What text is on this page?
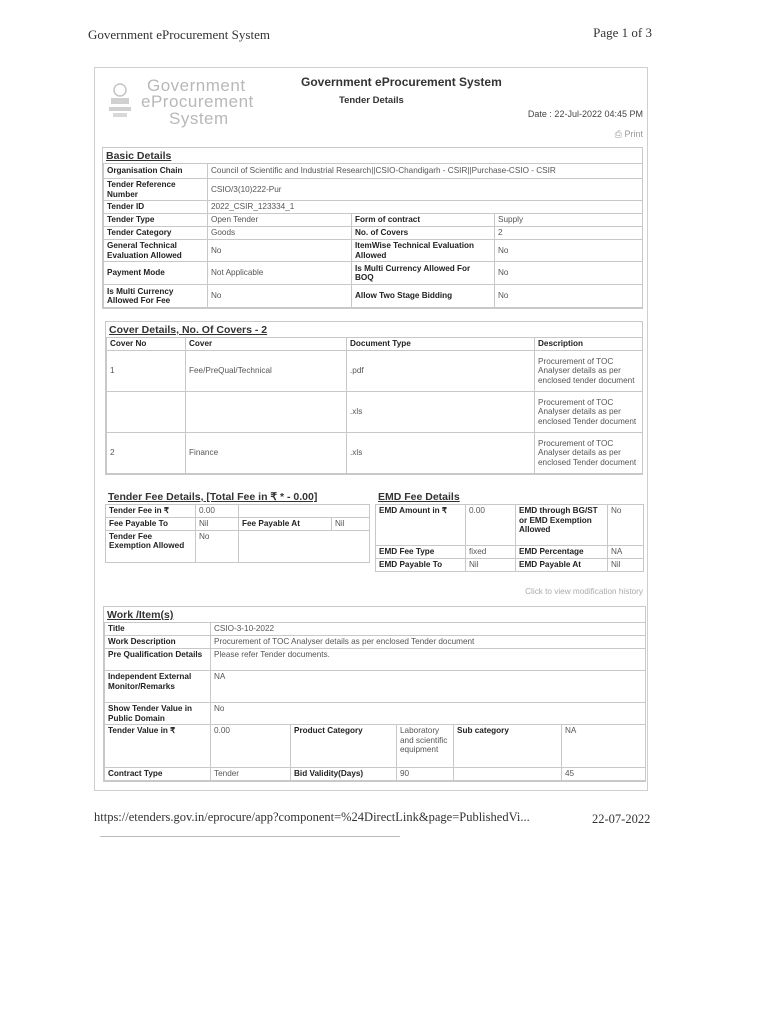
Government eProcurement System	Page 1 of 3
Government
eProcurement
System
Government eProcurement System
Tender Details
Date : 22-Jul-2022 04:45 PM
⎙ Print
Basic Details
Organisation Chain	Council of Scientific and Industrial Research||CSIO-Chandigarh - CSIR||Purchase-CSIO - CSIR		
Tender Reference Number	CSIO/3(10)222-Pur		
Tender ID	2022_CSIR_123334_1		
Tender Type	Open Tender	Form of contract	Supply
Tender Category	Goods	No. of Covers	2
General Technical Evaluation Allowed	No	ItemWise Technical Evaluation Allowed	No
Payment Mode	Not Applicable	Is Multi Currency Allowed For BOQ	No
Is Multi Currency Allowed For Fee	No	Allow Two Stage Bidding	No
Cover Details, No. Of Covers - 2
Cover No	Cover	Document Type	Description
1	Fee/PreQual/Technical	.pdf	Procurement of TOC Analyser details as per enclosed tender document
		.xls	Procurement of TOC Analyser details as per enclosed Tender document
2	Finance	.xls	Procurement of TOC Analyser details as per enclosed Tender document
Tender Fee Details, [Total Fee in ₹ * - 0.00]
Tender Fee in ₹	0.00		
Fee Payable To	Nil	Fee Payable At	Nil
Tender Fee Exemption Allowed	No		
EMD Fee Details
EMD Amount in ₹	0.00	EMD through BG/ST or EMD Exemption Allowed	No
EMD Fee Type	fixed	EMD Percentage	NA
EMD Payable To	Nil	EMD Payable At	Nil
Click to view modification history
Work /Item(s)
Title	CSIO-3-10-2022				
Work Description	Procurement of TOC Analyser details as per enclosed Tender document				
Pre Qualification Details	Please refer Tender documents.				
Independent External Monitor/Remarks	NA				
Show Tender Value in Public Domain	No				
Tender Value in ₹	0.00	Product Category	Laboratory and scientific equipment	Sub category	NA
Contract Type	Tender	Bid Validity(Days)	90		45
https://etenders.gov.in/eprocure/app?component=%24DirectLink&page=PublishedVi...	22-07-2022
